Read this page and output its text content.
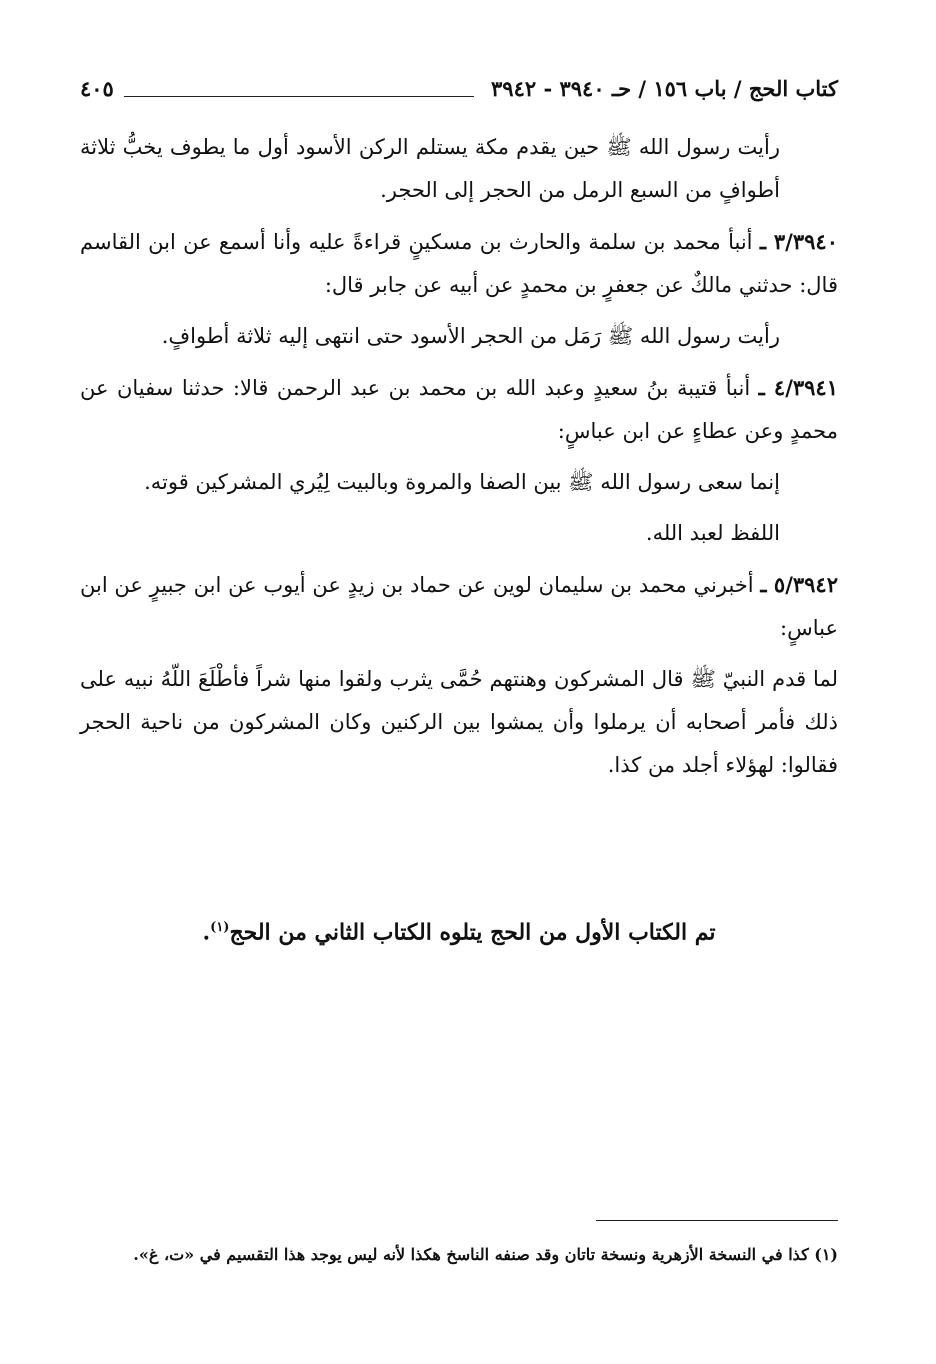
كتاب الحج / باب ١٥٦ / حـ ٣٩٤٠ - ٣٩٤٢
٤٠٥

رأيت رسول الله ﷺ حين يقدم مكة يستلم الركن الأسود أول ما يطوف يخبُّ ثلاثة أطوافٍ من السبع الرمل من الحجر إلى الحجر.

٣/٣٩٤٠ ـ أنبأ محمد بن سلمة والحارث بن مسكينٍ قراءةً عليه وأنا أسمع عن ابن القاسم قال: حدثني مالكٌ عن جعفرٍ بن محمدٍ عن أبيه عن جابر قال:

رأيت رسول الله ﷺ رَمَل من الحجر الأسود حتى انتهى إليه ثلاثة أطوافٍ.

٤/٣٩٤١ ـ أنبأ قتيبة بنُ سعيدٍ وعبد الله بن محمد بن عبد الرحمن قالا: حدثنا سفيان عن محمدٍ وعن عطاءٍ عن ابن عباسٍ:

إنما سعى رسول الله ﷺ بين الصفا والمروة وبالبيت لِيُري المشركين قوته.

اللفظ لعبد الله.

٥/٣٩٤٢ ـ أخبرني محمد بن سليمان لوين عن حماد بن زيدٍ عن أيوب عن ابن جبيرٍ عن ابن عباسٍ:

لما قدم النبيّ ﷺ قال المشركون وهنتهم حُمَّى يثرب ولقوا منها شراً فأطْلَعَ اللّهُ نبيه على ذلك فأمر أصحابه أن يرملوا وأن يمشوا بين الركنين وكان المشركون من ناحية الحجر فقالوا: لهؤلاء أجلد من كذا.

تم الكتاب الأول من الحج يتلوه الكتاب الثاني من الحج$^{(١)}$.
(١) كذا في النسخة الأزهرية ونسخة تاتان وقد صنفه الناسخ هكذا لأنه ليس يوجد هذا التقسيم في «ت، غ».
